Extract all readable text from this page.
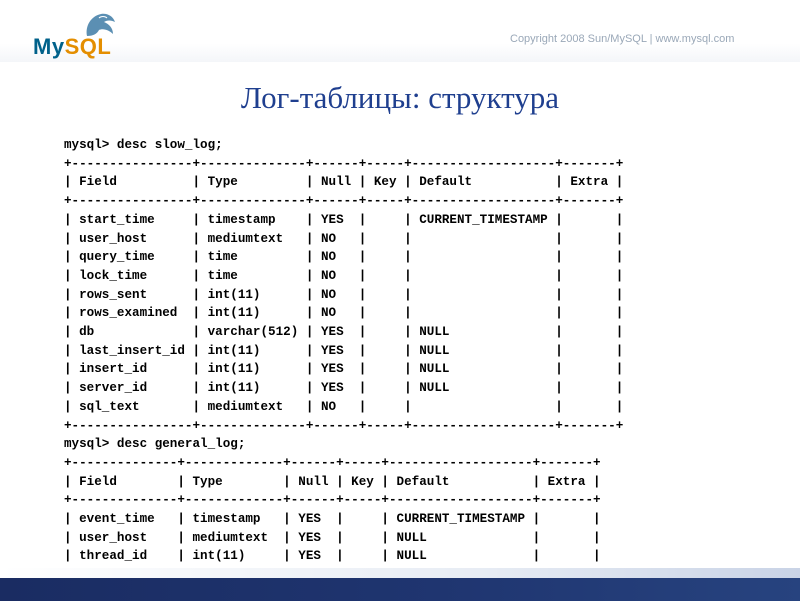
MySQL	Copyright 2008 Sun/MySQL | www.mysql.com
Лог-таблицы: структура
mysql> desc slow_log;
+----------------+--------------+------+-----+-------------------+-------+
| Field          | Type         | Null | Key | Default           | Extra |
+----------------+--------------+------+-----+-------------------+-------+
| start_time     | timestamp    | YES  |     | CURRENT_TIMESTAMP |       |
| user_host      | mediumtext   | NO   |     |                   |       |
| query_time     | time         | NO   |     |                   |       |
| lock_time      | time         | NO   |     |                   |       |
| rows_sent      | int(11)      | NO   |     |                   |       |
| rows_examined  | int(11)      | NO   |     |                   |       |
| db             | varchar(512) | YES  |     | NULL              |       |
| last_insert_id | int(11)      | YES  |     | NULL              |       |
| insert_id      | int(11)      | YES  |     | NULL              |       |
| server_id      | int(11)      | YES  |     | NULL              |       |
| sql_text       | mediumtext   | NO   |     |                   |       |
+----------------+--------------+------+-----+-------------------+-------+
mysql> desc general_log;
+--------------+-------------+------+-----+-------------------+-------+
| Field        | Type        | Null | Key | Default           | Extra |
+--------------+-------------+------+-----+-------------------+-------+
| event_time   | timestamp   | YES  |     | CURRENT_TIMESTAMP |       |
| user_host    | mediumtext  | YES  |     | NULL              |       |
| thread_id    | int(11)     | YES  |     | NULL              |       |
